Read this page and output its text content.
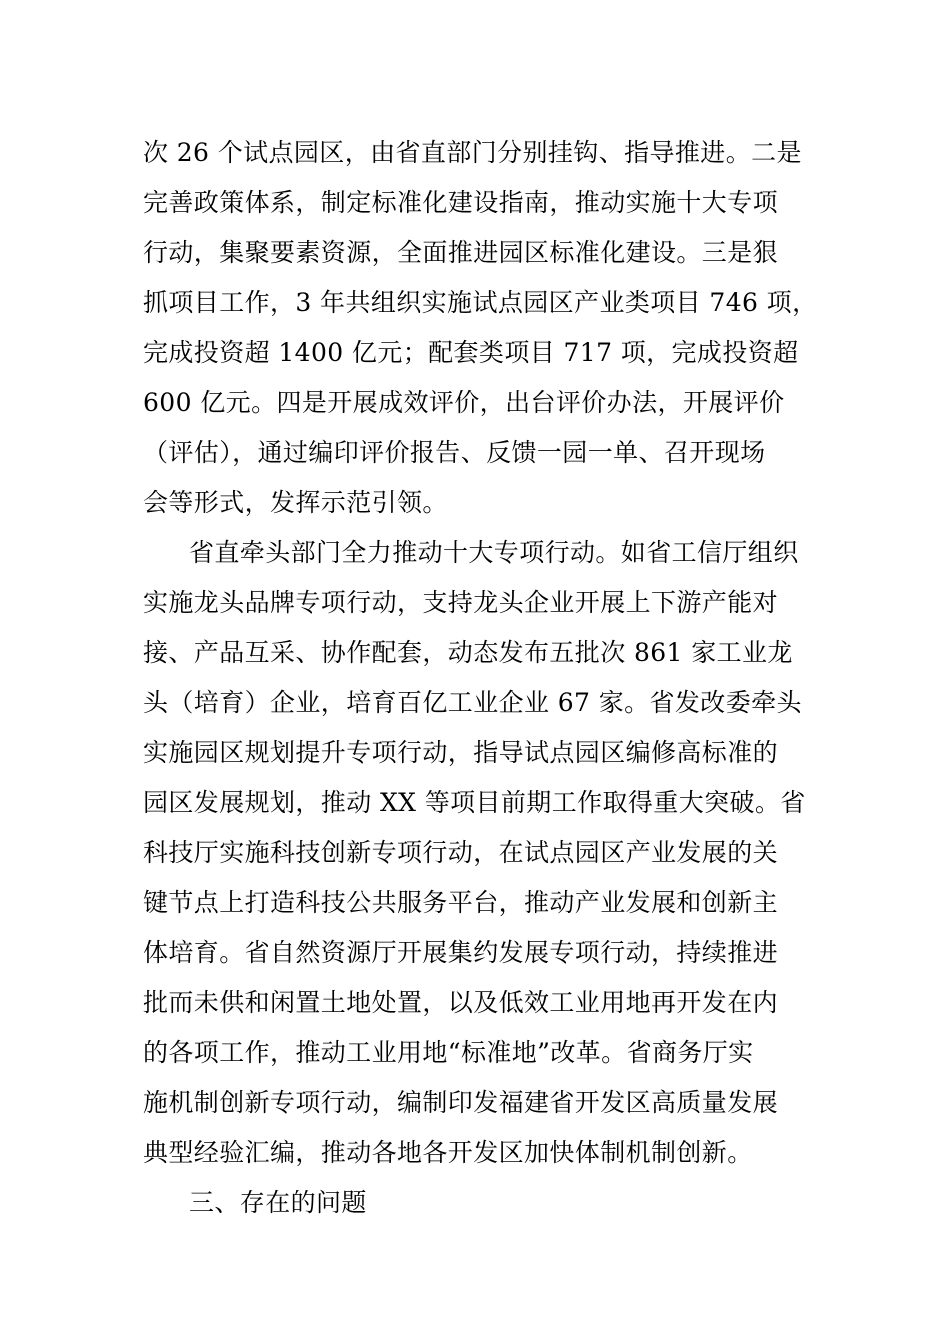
次 26 个试点园区，由省直部门分别挂钩、指导推进。二是
完善政策体系，制定标准化建设指南，推动实施十大专项
行动，集聚要素资源，全面推进园区标准化建设。三是狠
抓项目工作，3 年共组织实施试点园区产业类项目 746 项，
完成投资超 1400 亿元；配套类项目 717 项，完成投资超
600 亿元。四是开展成效评价，出台评价办法，开展评价
（评估），通过编印评价报告、反馈一园一单、召开现场
会等形式，发挥示范引领。
省直牵头部门全力推动十大专项行动。如省工信厅组织
实施龙头品牌专项行动，支持龙头企业开展上下游产能对
接、产品互采、协作配套，动态发布五批次 861 家工业龙
头（培育）企业，培育百亿工业企业 67 家。省发改委牵头
实施园区规划提升专项行动，指导试点园区编修高标准的
园区发展规划，推动 XX 等项目前期工作取得重大突破。省
科技厅实施科技创新专项行动，在试点园区产业发展的关
键节点上打造科技公共服务平台，推动产业发展和创新主
体培育。省自然资源厅开展集约发展专项行动，持续推进
批而未供和闲置土地处置，以及低效工业用地再开发在内
的各项工作，推动工业用地“标准地”改革。省商务厅实
施机制创新专项行动，编制印发福建省开发区高质量发展
典型经验汇编，推动各地各开发区加快体制机制创新。
三、存在的问题
